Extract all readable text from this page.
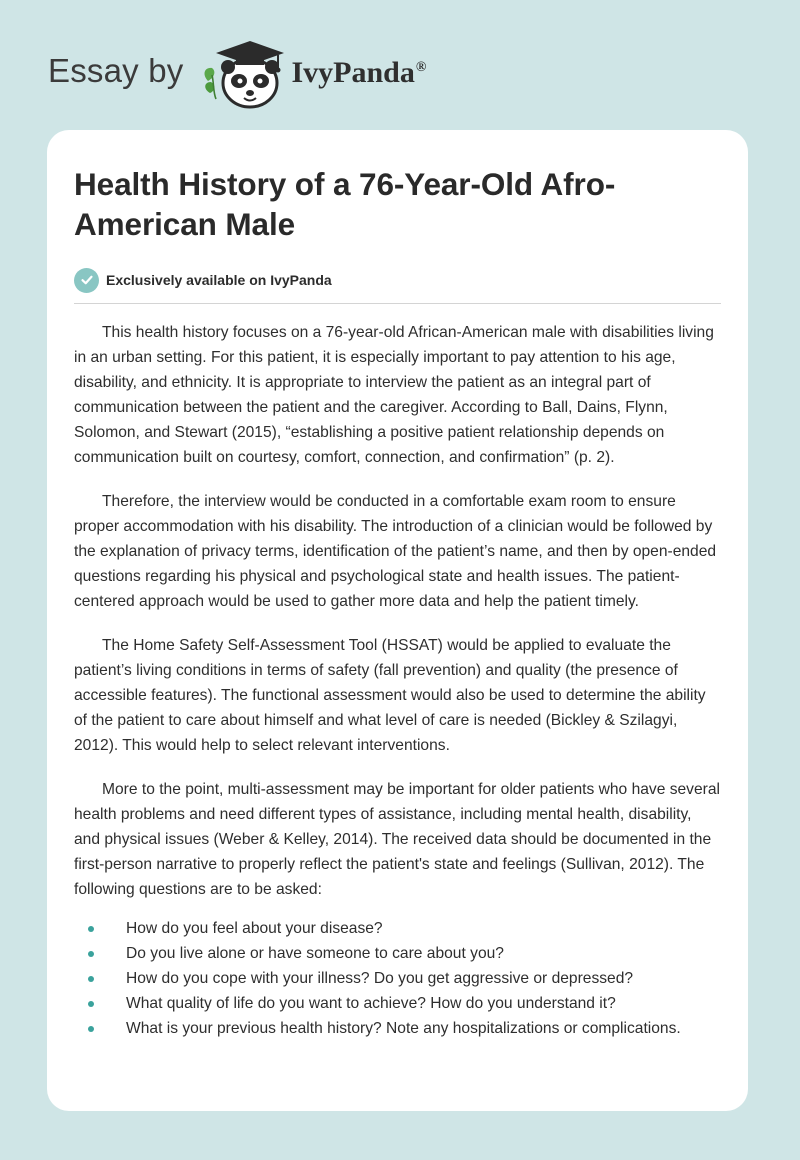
Essay by	IvyPanda®
Health History of a 76-Year-Old Afro-American Male
Exclusively available on IvyPanda

This health history focuses on a 76-year-old African-American male with disabilities living in an urban setting. For this patient, it is especially important to pay attention to his age, disability, and ethnicity. It is appropriate to interview the patient as an integral part of communication between the patient and the caregiver. According to Ball, Dains, Flynn, Solomon, and Stewart (2015), “establishing a positive patient relationship depends on communication built on courtesy, comfort, connection, and confirmation” (p. 2).

Therefore, the interview would be conducted in a comfortable exam room to ensure proper accommodation with his disability. The introduction of a clinician would be followed by the explanation of privacy terms, identification of the patient’s name, and then by open-ended questions regarding his physical and psychological state and health issues. The patient-centered approach would be used to gather more data and help the patient timely.

The Home Safety Self-Assessment Tool (HSSAT) would be applied to evaluate the patient’s living conditions in terms of safety (fall prevention) and quality (the presence of accessible features). The functional assessment would also be used to determine the ability of the patient to care about himself and what level of care is needed (Bickley & Szilagyi, 2012). This would help to select relevant interventions.

More to the point, multi-assessment may be important for older patients who have several health problems and need different types of assistance, including mental health, disability, and physical issues (Weber & Kelley, 2014). The received data should be documented in the first-person narrative to properly reflect the patient's state and feelings (Sullivan, 2012). The following questions are to be asked:

How do you feel about your disease?
Do you live alone or have someone to care about you?
How do you cope with your illness? Do you get aggressive or depressed?
What quality of life do you want to achieve? How do you understand it?
What is your previous health history? Note any hospitalizations or complications.
